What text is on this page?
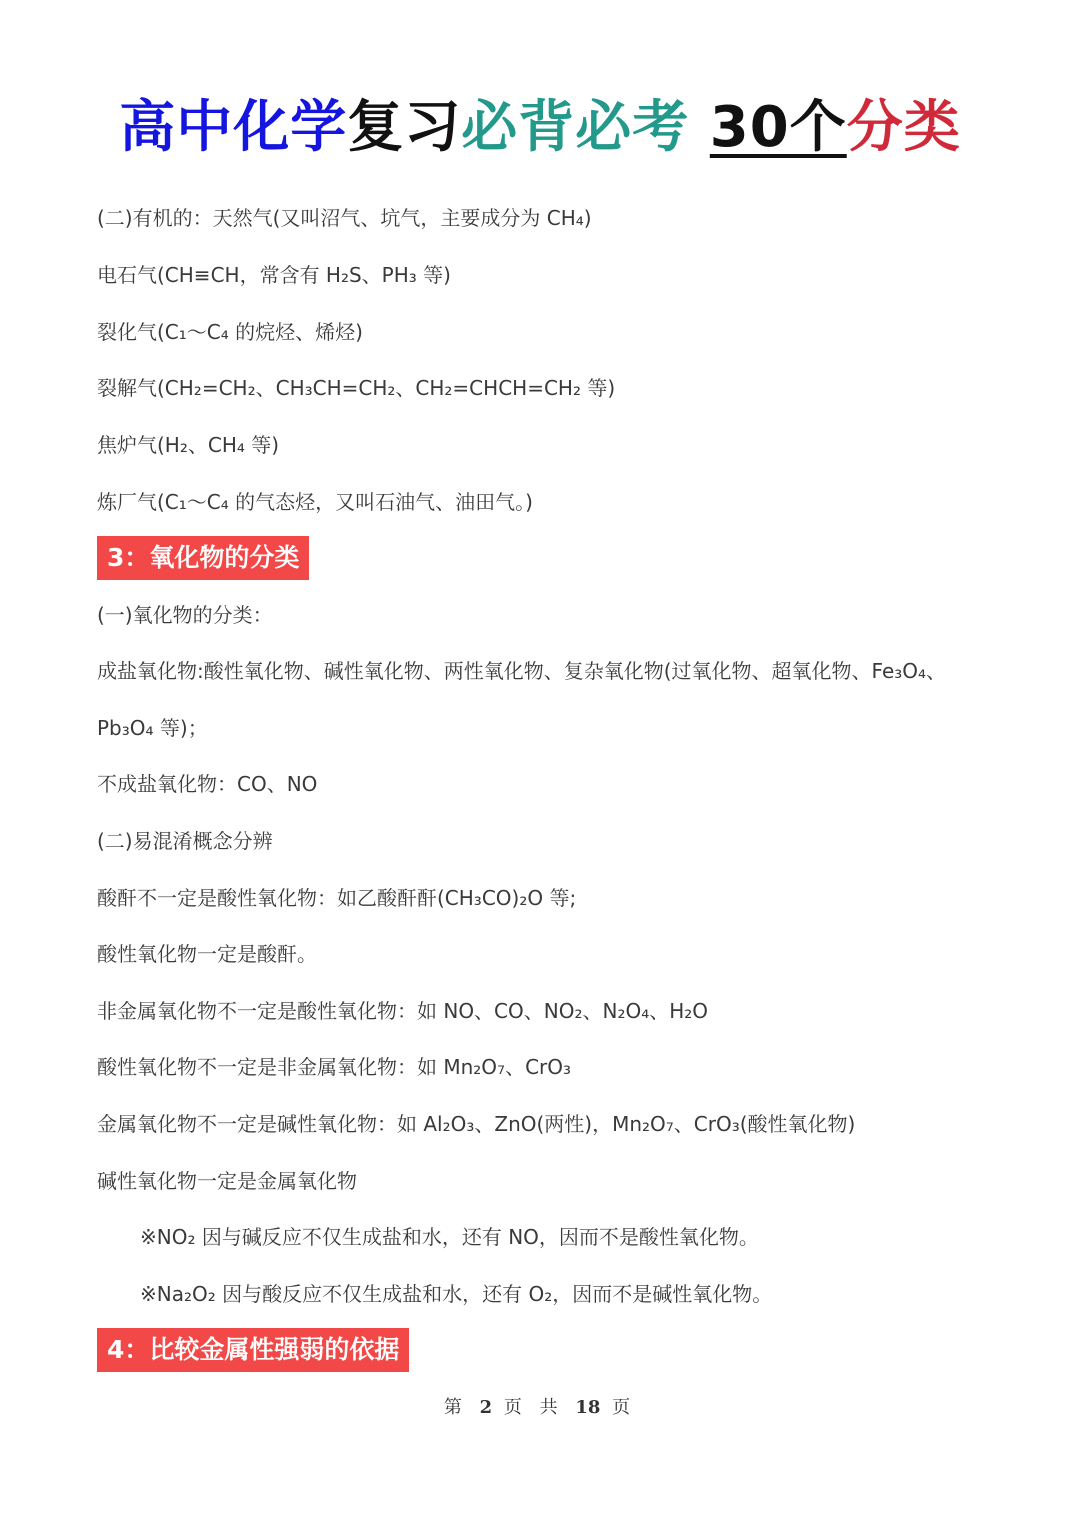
高中化学复习必背必考 30个分类
(二)有机的：天然气(又叫沼气、坑气，主要成分为 CH₄)
电石气(CH≡CH，常含有 H₂S、PH₃ 等)
裂化气(C₁～C₄ 的烷烃、烯烃)
裂解气(CH₂=CH₂、CH₃CH=CH₂、CH₂=CHCH=CH₂ 等)
焦炉气(H₂、CH₄ 等)
炼厂气(C₁～C₄ 的气态烃，又叫石油气、油田气。)
3：氧化物的分类
(一)氧化物的分类：
成盐氧化物:酸性氧化物、碱性氧化物、两性氧化物、复杂氧化物(过氧化物、超氧化物、Fe₃O₄、
Pb₃O₄ 等)；
不成盐氧化物：CO、NO
(二)易混淆概念分辨
酸酐不一定是酸性氧化物：如乙酸酐酐(CH₃CO)₂O 等;
酸性氧化物一定是酸酐。
非金属氧化物不一定是酸性氧化物：如 NO、CO、NO₂、N₂O₄、H₂O
酸性氧化物不一定是非金属氧化物：如 Mn₂O₇、CrO₃
金属氧化物不一定是碱性氧化物：如 Al₂O₃、ZnO(两性)，Mn₂O₇、CrO₃(酸性氧化物)
碱性氧化物一定是金属氧化物
※NO₂ 因与碱反应不仅生成盐和水，还有 NO，因而不是酸性氧化物。
※Na₂O₂ 因与酸反应不仅生成盐和水，还有 O₂，因而不是碱性氧化物。
4：比较金属性强弱的依据
第 2 页 共 18 页
